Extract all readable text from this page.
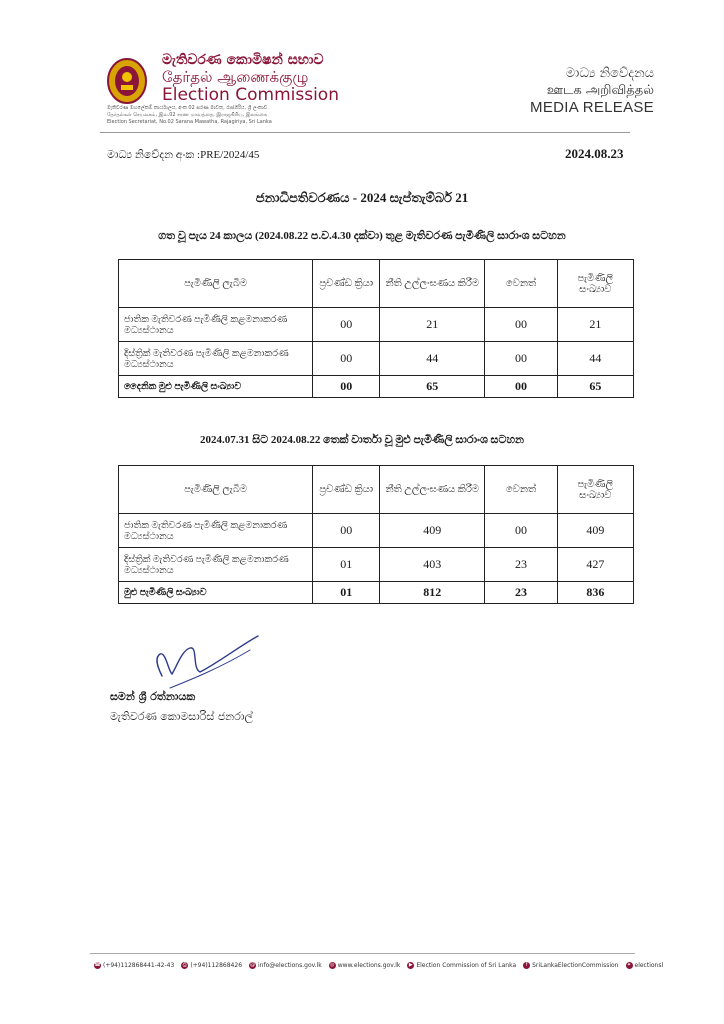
මැතිවරණ කොමිෂන් සභාව
தேர்தல் ஆணைக்குழு
Election Commission
මැතිවරණ මහලේකම් කාර්යාලය, අංක 02 සරණ මාවත, රාජගිරිය, ශ්‍රී ලංකාව
தேர்தல்கள் செயலகம், இல.02 சரண மாவத்தை, இராஜகிரிய, இலங்கை
Election Secretariat, No.02 Sarana Mawatha, Rajagiriya, Sri Lanka
මාධ්‍ය නිවේදනය
ஊடக அறிவித்தல்
MEDIA RELEASE
මාධ්‍ය නිවේදන අංක :PRE/2024/45	2024.08.23
ජනාධිපතිවරණය - 2024 සැප්තැම්බර් 21
ගත වූ පැය 24 කාලය (2024.08.22 ප.ව.4.30 දක්වා) තුළ මැතිවරණ පැමිණිලි සාරාංශ සටහන
පැමිණිලි ලැබීම	ප්‍රචණ්ඩ ක්‍රියා	නීති උල්ලංඝණය කිරීම	වෙනත්	පැමිණිලි සංඛ්‍යාව
ජාතික මැතිවරණ පැමිණිලි කළමනාකරණ මධ්‍යස්ථානය	00	21	00	21
දිස්ත්‍රික් මැතිවරණ පැමිණිලි කළමනාකරණ මධ්‍යස්ථානය	00	44	00	44
දෛනික මුළු පැමිණිලි සංඛ්‍යාව	00	65	00	65
2024.07.31 සිට 2024.08.22 තෙක් වාර්තා වූ මුළු පැමිණිලි සාරාංශ සටහන
පැමිණිලි ලැබීම	ප්‍රචණ්ඩ ක්‍රියා	නීති උල්ලංඝණය කිරීම	වෙනත්	පැමිණිලි සංඛ්‍යාව
ජාතික මැතිවරණ පැමිණිලි කළමනාකරණ මධ්‍යස්ථානය	00	409	00	409
දිස්ත්‍රික් මැතිවරණ පැමිණිලි කළමනාකරණ මධ්‍යස්ථානය	01	403	23	427
මුළු පැමිණිලි සංඛ්‍යාව	01	812	23	836
සමන් ශ්‍රී රත්නායක
මැතිවරණ කොමසාරිස් ජනරාල්
☎ (+94)112868441-42-43 ⎙ (+94)112868426 @ info@elections.gov.lk ◎ www.elections.gov.lk	▶ Election Commission of Sri Lanka	f SriLankaElectionCommission ✦ electionsl
